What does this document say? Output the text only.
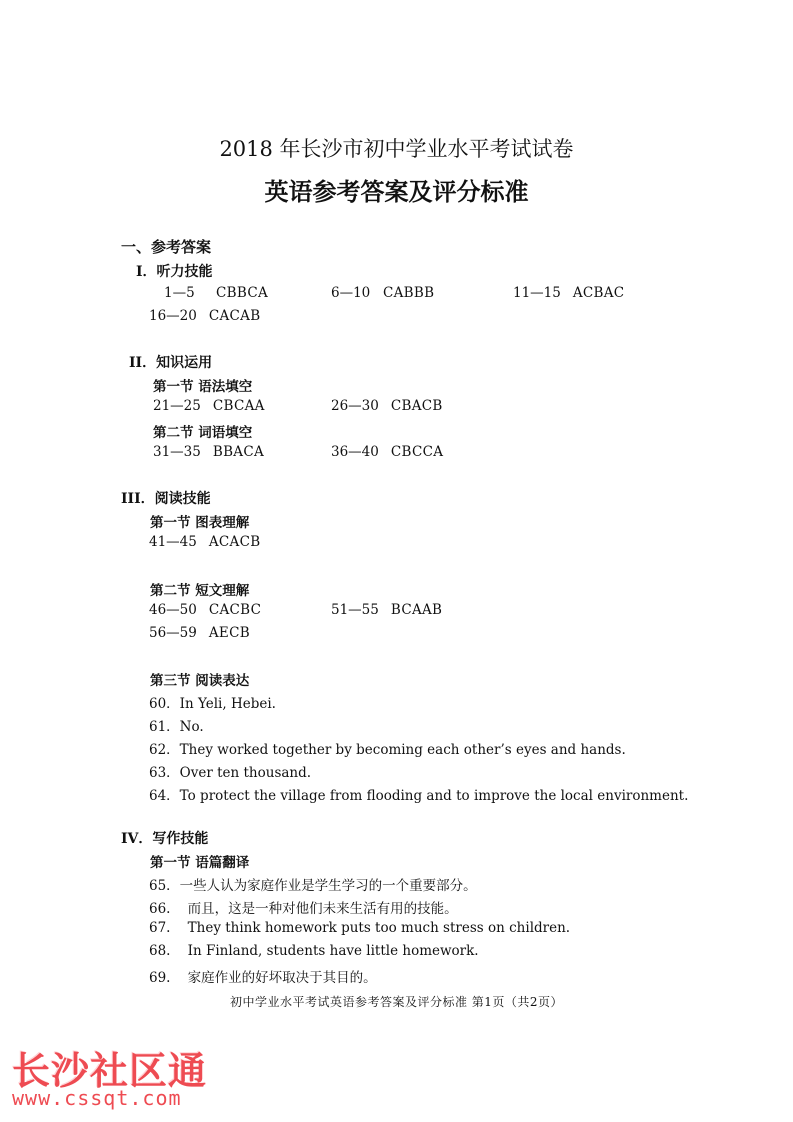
2018 年长沙市初中学业水平考试试卷
英语参考答案及评分标准
一、参考答案
I．听力技能
1—5 CBBCA	6—10 CABBB	11—15 ACBAC
16—20 CACAB
II．知识运用
第一节 语法填空
21—25 CBCAA	26—30 CBACB
第二节 词语填空
31—35 BBACA	36—40 CBCCA
III．阅读技能
第一节 图表理解
41—45 ACACB
第二节 短文理解
46—50 CACBC	51—55 BCAAB
56—59 AECB
第三节 阅读表达
60．In Yeli, Hebei.
61．No.
62．They worked together by becoming each other’s eyes and hands.
63．Over ten thousand.
64．To protect the village from flooding and to improve the local environment.
IV．写作技能
第一节 语篇翻译
65．一些人认为家庭作业是学生学习的一个重要部分。
66.    而且，这是一种对他们未来生活有用的技能。
67.    They think homework puts too much stress on children.
68.    In Finland, students have little homework.
69.    家庭作业的好坏取决于其目的。
初中学业水平考试英语参考答案及评分标准 第1页（共2页）
长沙社区通
www.cssqt.com
